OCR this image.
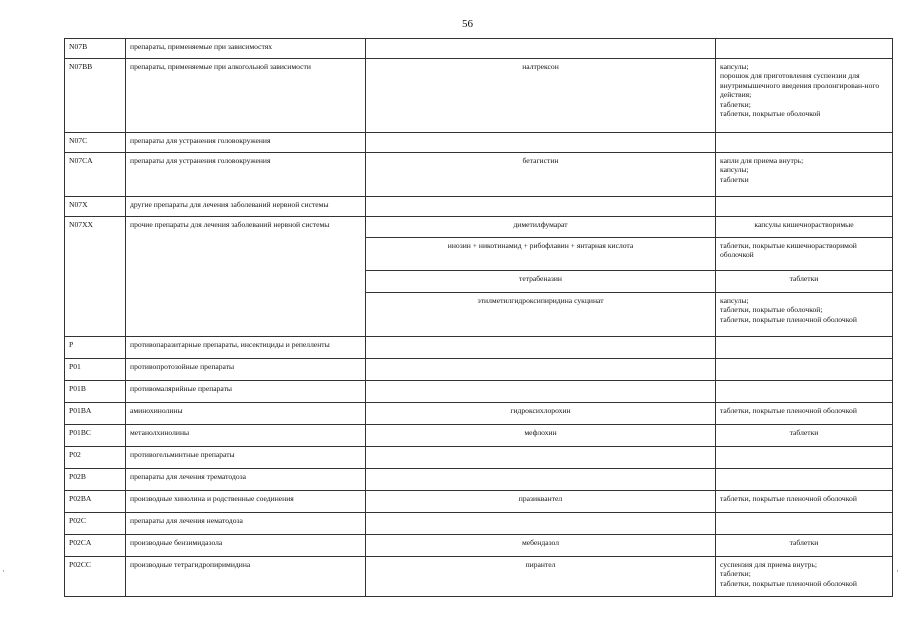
56
N07B	препараты, применяемые при зависимостях		

N07BB	препараты, применяемые при алкогольной зависимости	налтрексон	капсулы;
порошок для приготовления суспензии для внутримышечного введения пролонгирован-ного действия;
таблетки;
таблетки, покрытые оболочкой

N07C	препараты для устранения головокружения		

N07CA	препараты для устранения головокружения	бетагистин	капли для приема внутрь;
капсулы;
таблетки

N07X	другие препараты для лечения заболеваний нервной системы		

N07XX	прочие препараты для лечения заболеваний нервной системы	диметилфумарат	капсулы кишечнорастворимые

		инозин + никотинамид + рибофлавин + янтарная кислота	таблетки, покрытые кишечнорастворимой оболочкой

		тетрабеназин	таблетки

		этилметилгидроксипиридина сукцинат	капсулы;
таблетки, покрытые оболочкой;
таблетки, покрытые пленочной оболочкой

P	противопаразитарные препараты, инсектициды и репелленты		

P01	противопротозойные препараты		

P01B	противомалярийные препараты		

P01BA	аминохинолины	гидроксихлорохин	таблетки, покрытые пленочной оболочкой

P01BC	метанолхинолины	мефлохин	таблетки

P02	противогельминтные препараты		

P02B	препараты для лечения трематодоза		

P02BA	производные хинолина и родственные соединения	празиквантел	таблетки, покрытые пленочной оболочкой

P02C	препараты для лечения нематодоза		

P02CA	производные бензимидазола	мебендазол	таблетки

P02CC	производные тетрагидропиримидина	пирантел	суспензия для приема внутрь;
таблетки;
таблетки, покрытые пленочной оболочкой
·	·
